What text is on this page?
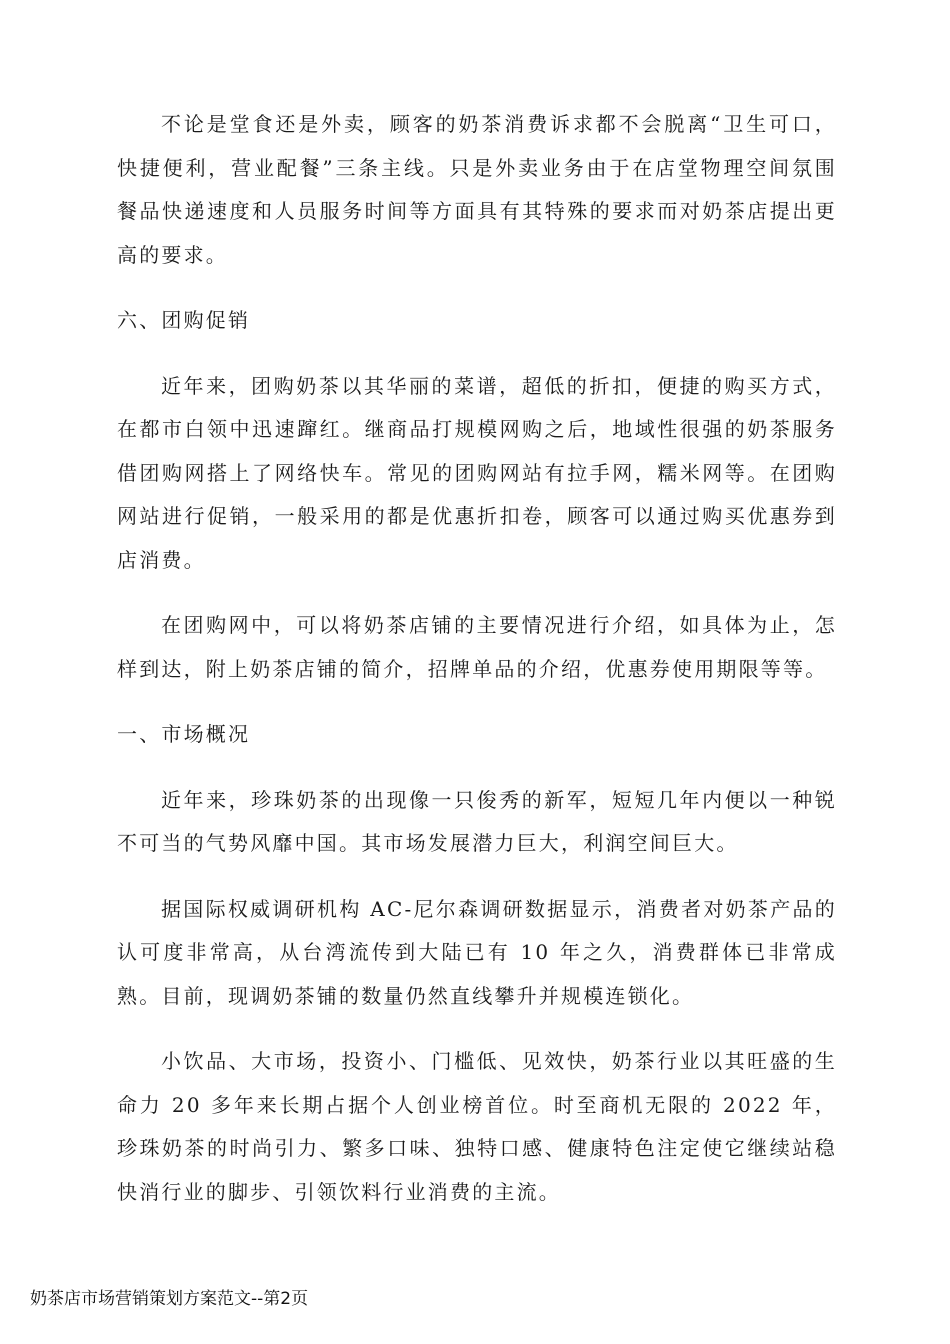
不论是堂食还是外卖，顾客的奶茶消费诉求都不会脱离“卫生可口，快捷便利，营业配餐”三条主线。只是外卖业务由于在店堂物理空间氛围餐品快递速度和人员服务时间等方面具有其特殊的要求而对奶茶店提出更高的要求。

六、团购促销

近年来，团购奶茶以其华丽的菜谱，超低的折扣，便捷的购买方式，在都市白领中迅速蹿红。继商品打规模网购之后，地域性很强的奶茶服务借团购网搭上了网络快车。常见的团购网站有拉手网，糯米网等。在团购网站进行促销，一般采用的都是优惠折扣卷，顾客可以通过购买优惠券到店消费。

在团购网中，可以将奶茶店铺的主要情况进行介绍，如具体为止，怎样到达，附上奶茶店铺的简介，招牌单品的介绍，优惠券使用期限等等。

一、市场概况

近年来，珍珠奶茶的出现像一只俊秀的新军，短短几年内便以一种锐不可当的气势风靡中国。其市场发展潜力巨大，利润空间巨大。

据国际权威调研机构 AC-尼尔森调研数据显示，消费者对奶茶产品的认可度非常高，从台湾流传到大陆已有 10 年之久，消费群体已非常成熟。目前，现调奶茶铺的数量仍然直线攀升并规模连锁化。

小饮品、大市场，投资小、门槛低、见效快，奶茶行业以其旺盛的生命力 20 多年来长期占据个人创业榜首位。时至商机无限的 2022 年，珍珠奶茶的时尚引力、繁多口味、独特口感、健康特色注定使它继续站稳快消行业的脚步、引领饮料行业消费的主流。

奶茶店市场营销策划方案范文--第2页
